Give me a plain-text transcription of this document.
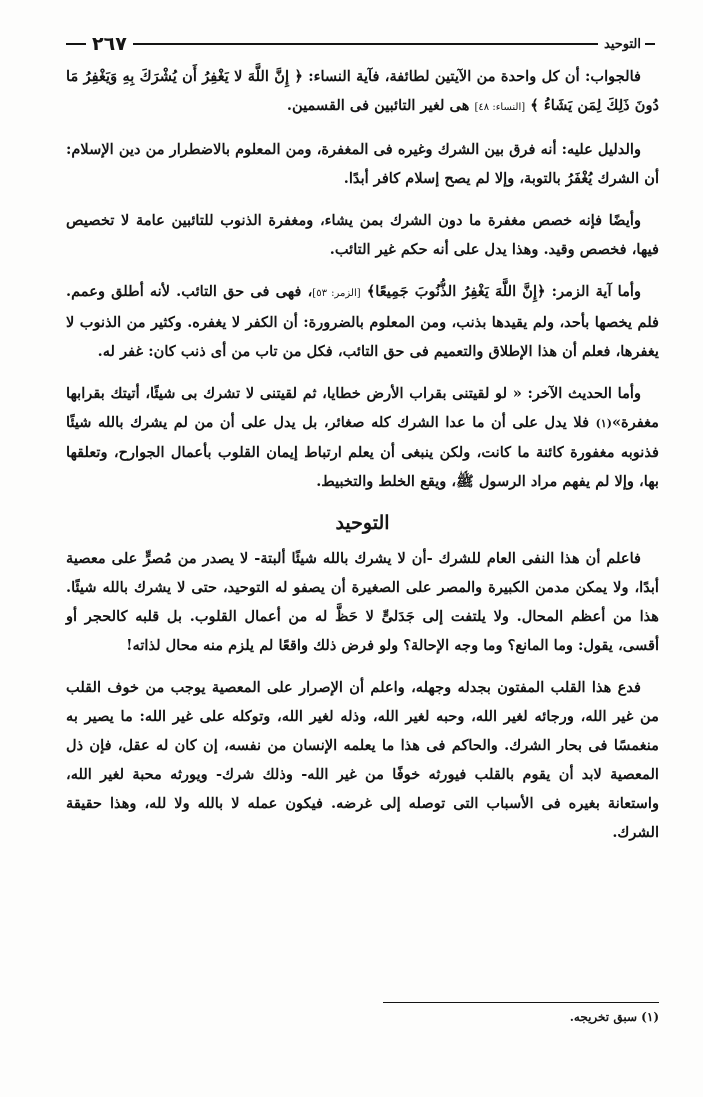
التوحيد
٢٦٧

فالجواب: أن كل واحدة من الآيتين لطائفة، فآية النساء: ﴿ إِنَّ اللَّهَ لا يَغْفِرُ أَن يُشْرَكَ بِهِ وَيَغْفِرُ مَا دُونَ ذَلِكَ لِمَن يَشَاءُ ﴾ [النساء: ٤٨] هى لغير التائبين فى القسمين.

والدليل عليه: أنه فرق بين الشرك وغيره فى المغفرة، ومن المعلوم بالاضطرار من دين الإسلام: أن الشرك يُغْفَرُ بالتوبة، وإلا لم يصح إسلام كافر أبدًا.

وأيضًا فإنه خصص مغفرة ما دون الشرك بمن يشاء، ومغفرة الذنوب للتائبين عامة لا تخصيص فيها، فخصص وقيد. وهذا يدل على أنه حكم غير التائب.

وأما آية الزمر: ﴿إِنَّ اللَّهَ يَغْفِرُ الذُّنُوبَ جَمِيعًا﴾ [الزمر: ٥٣]، فهى فى حق التائب. لأنه أطلق وعمم. فلم يخصها بأحد، ولم يقيدها بذنب، ومن المعلوم بالضرورة: أن الكفر لا يغفره. وكثير من الذنوب لا يغفرها، فعلم أن هذا الإطلاق والتعميم فى حق التائب، فكل من تاب من أى ذنب كان: غفر له.

وأما الحديث الآخر: « لو لقيتنى بقراب الأرض خطايا، ثم لقيتنى لا تشرك بى شيئًا، أتيتك بقرابها مغفرة»(١) فلا يدل على أن ما عدا الشرك كله صغائر، بل يدل على أن من لم يشرك بالله شيئًا فذنوبه مغفورة كائنة ما كانت، ولكن ينبغى أن يعلم ارتباط إيمان القلوب بأعمال الجوارح، وتعلقها بها، وإلا لم يفهم مراد الرسول ﷺ، ويقع الخلط والتخبيط.

التوحيد

فاعلم أن هذا النفى العام للشرك -أن لا يشرك بالله شيئًا ألبتة- لا يصدر من مُصرٍّ على معصية أبدًا، ولا يمكن مدمن الكبيرة والمصر على الصغيرة أن يصفو له التوحيد، حتى لا يشرك بالله شيئًا. هذا من أعظم المحال. ولا يلتفت إلى جَدَلىٍّ لا حَظَّ له من أعمال القلوب. بل قلبه كالحجر أو أقسى، يقول: وما المانع؟ وما وجه الإحالة؟ ولو فرض ذلك واقعًا لم يلزم منه محال لذاته!

فدع هذا القلب المفتون بجدله وجهله، واعلم أن الإصرار على المعصية يوجب من خوف القلب من غير الله، ورجائه لغير الله، وحبه لغير الله، وذله لغير الله، وتوكله على غير الله: ما يصير به منغمسًا فى بحار الشرك. والحاكم فى هذا ما يعلمه الإنسان من نفسه، إن كان له عقل، فإن ذل المعصية لابد أن يقوم بالقلب فيورثه خوفًا من غير الله- وذلك شرك- ويورثه محبة لغير الله، واستعانة بغيره فى الأسباب التى توصله إلى غرضه. فيكون عمله لا بالله ولا لله، وهذا حقيقة الشرك.

(١) سبق تخريجه.
